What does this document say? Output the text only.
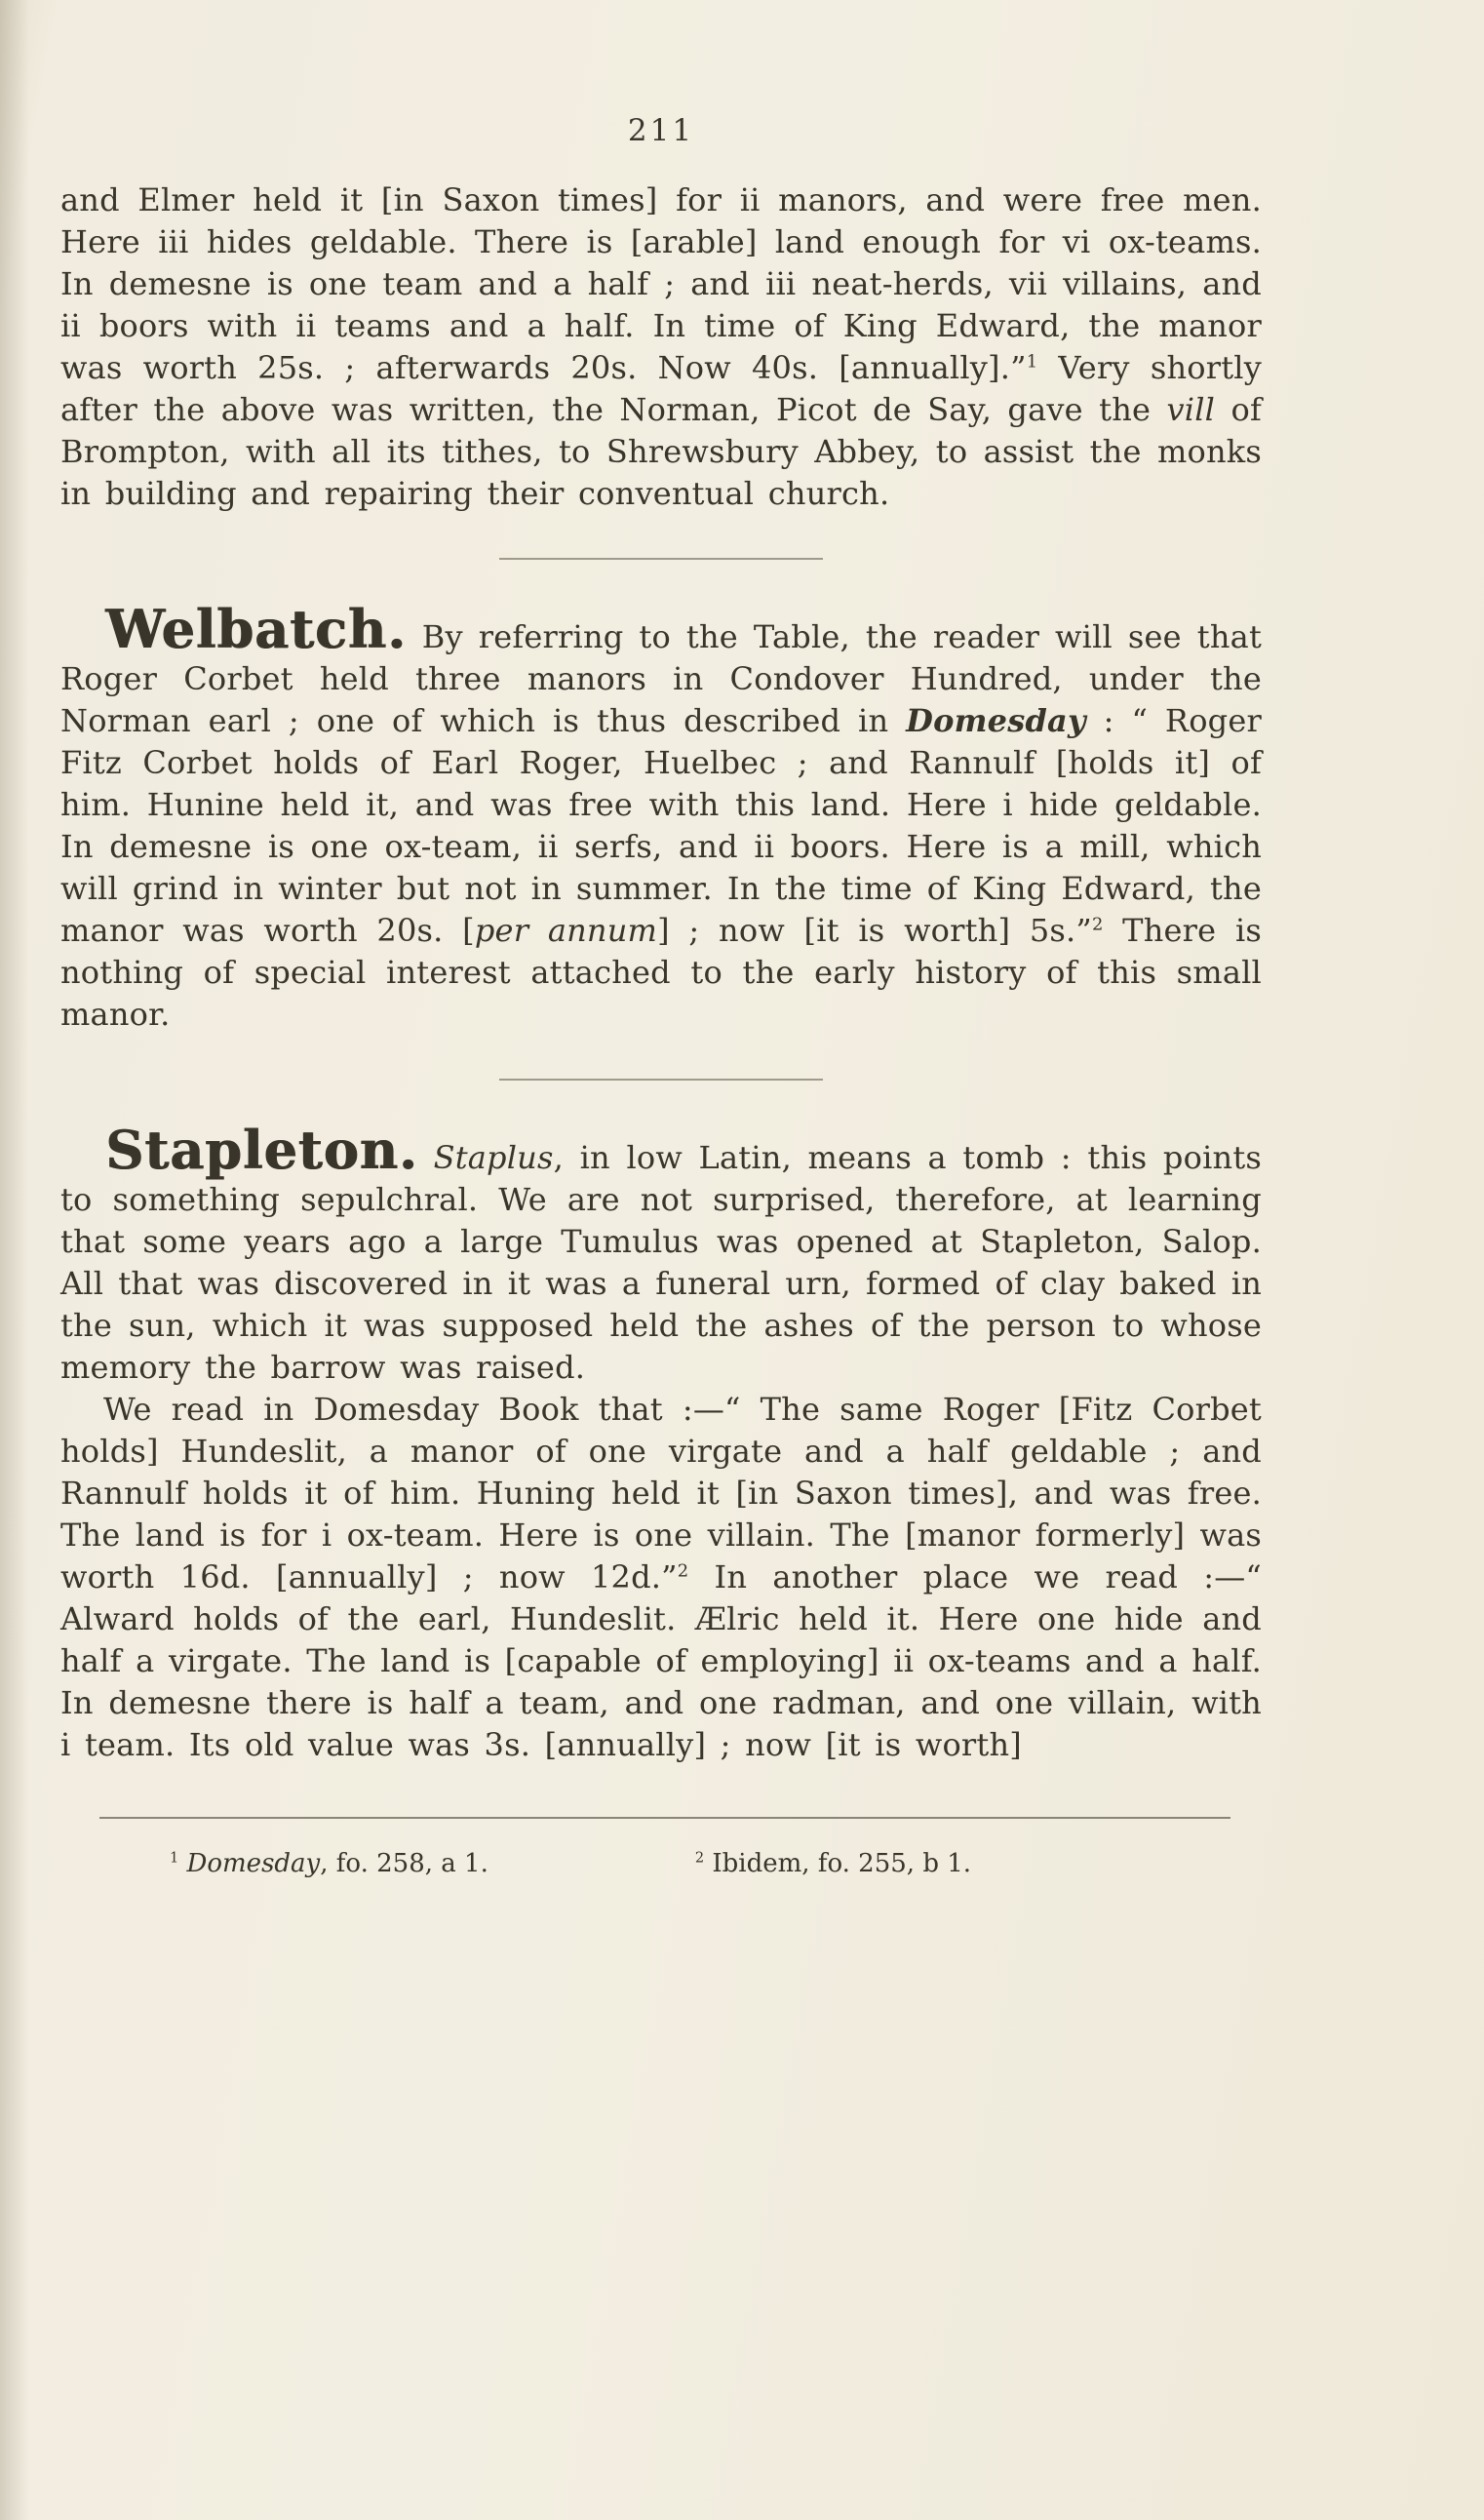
211

and Elmer held it [in Saxon times] for ii manors, and were free men. Here iii hides geldable. There is [arable] land enough for vi ox-teams. In demesne is one team and a half ; and iii neat-herds, vii villains, and ii boors with ii teams and a half. In time of King Edward, the manor was worth 25s. ; afterwards 20s. Now 40s. [annually].”$^1$ Very shortly after the above was written, the Norman, Picot de Say, gave the vill of Brompton, with all its tithes, to Shrewsbury Abbey, to assist the monks in building and repairing their conventual church.

Welbatch. By referring to the Table, the reader will see that Roger Corbet held three manors in Condover Hundred, under the Norman earl ; one of which is thus described in Domesday : “ Roger Fitz Corbet holds of Earl Roger, Huelbec ; and Rannulf [holds it] of him. Hunine held it, and was free with this land. Here i hide geldable. In demesne is one ox-team, ii serfs, and ii boors. Here is a mill, which will grind in winter but not in summer. In the time of King Edward, the manor was worth 20s. [per annum] ; now [it is worth] 5s.”$^2$ There is nothing of special interest attached to the early history of this small manor.

Stapleton. Staplus, in low Latin, means a tomb : this points to something sepulchral. We are not surprised, therefore, at learning that some years ago a large Tumulus was opened at Stapleton, Salop. All that was discovered in it was a funeral urn, formed of clay baked in the sun, which it was supposed held the ashes of the person to whose memory the barrow was raised.

We read in Domesday Book that :—“ The same Roger [Fitz Corbet holds] Hundeslit, a manor of one virgate and a half geldable ; and Rannulf holds it of him. Huning held it [in Saxon times], and was free. The land is for i ox-team. Here is one villain. The [manor formerly] was worth 16d. [annually] ; now 12d.”$^2$ In another place we read :—“ Alward holds of the earl, Hundeslit. Ælric held it. Here one hide and half a virgate. The land is [capable of employing] ii ox-teams and a half. In demesne there is half a team, and one radman, and one villain, with i team. Its old value was 3s. [annually] ; now [it is worth]

$^1$ Domesday, fo. 258, a 1.	$^2$ Ibidem, fo. 255, b 1.
